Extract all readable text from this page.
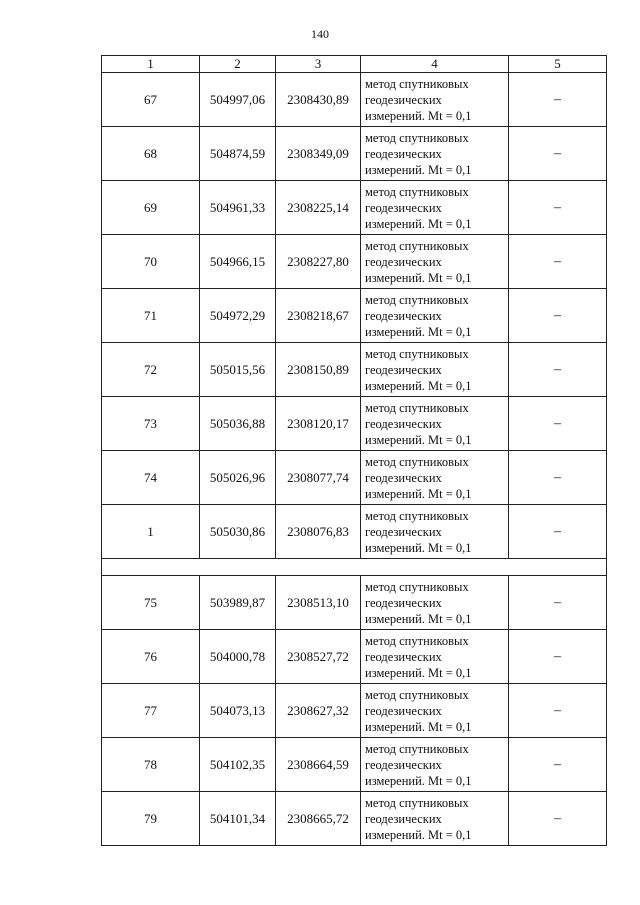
140
1	2	3	4	5
67	504997,06	2308430,89	метод спутниковых
геодезических
измерений. Mt = 0,1	–
68	504874,59	2308349,09	метод спутниковых
геодезических
измерений. Mt = 0,1	–
69	504961,33	2308225,14	метод спутниковых
геодезических
измерений. Mt = 0,1	–
70	504966,15	2308227,80	метод спутниковых
геодезических
измерений. Mt = 0,1	–
71	504972,29	2308218,67	метод спутниковых
геодезических
измерений. Mt = 0,1	–
72	505015,56	2308150,89	метод спутниковых
геодезических
измерений. Mt = 0,1	–
73	505036,88	2308120,17	метод спутниковых
геодезических
измерений. Mt = 0,1	–
74	505026,96	2308077,74	метод спутниковых
геодезических
измерений. Mt = 0,1	–
1	505030,86	2308076,83	метод спутниковых
геодезических
измерений. Mt = 0,1	–

75	503989,87	2308513,10	метод спутниковых
геодезических
измерений. Mt = 0,1	–
76	504000,78	2308527,72	метод спутниковых
геодезических
измерений. Mt = 0,1	–
77	504073,13	2308627,32	метод спутниковых
геодезических
измерений. Mt = 0,1	–
78	504102,35	2308664,59	метод спутниковых
геодезических
измерений. Mt = 0,1	–
79	504101,34	2308665,72	метод спутниковых
геодезических
измерений. Mt = 0,1	–
